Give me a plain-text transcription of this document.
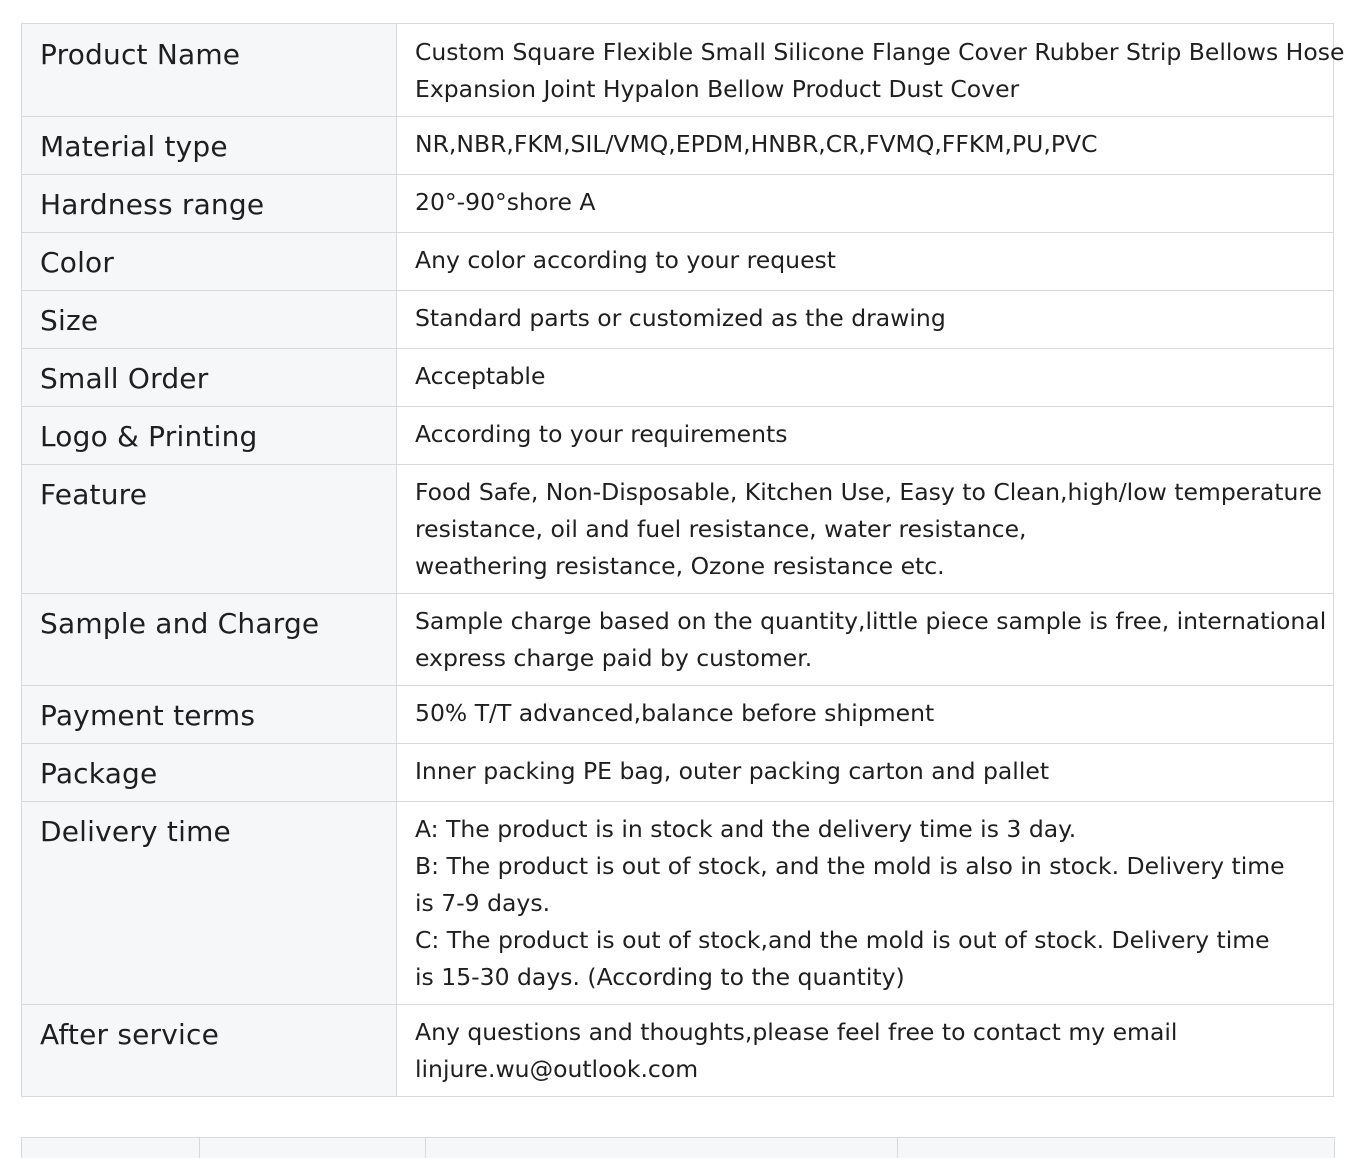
Product Name	Custom Square Flexible Small Silicone Flange Cover Rubber Strip Bellows Hose
Expansion Joint Hypalon Bellow Product Dust Cover

Material type	NR,NBR,FKM,SIL/VMQ,EPDM,HNBR,CR,FVMQ,FFKM,PU,PVC

Hardness range	20°-90°shore A

Color	Any color according to your request

Size	Standard parts or customized as the drawing

Small Order	Acceptable

Logo & Printing	According to your requirements

Feature	Food Safe, Non-Disposable, Kitchen Use, Easy to Clean,high/low temperature
resistance, oil and fuel resistance, water resistance,
weathering resistance, Ozone resistance etc.

Sample and Charge	Sample charge based on the quantity,little piece sample is free, international
express charge paid by customer.

Payment terms	50% T/T advanced,balance before shipment

Package	Inner packing PE bag, outer packing carton and pallet

Delivery time	A: The product is in stock and the delivery time is 3 day.
B: The product is out of stock, and the mold is also in stock. Delivery time
is 7-9 days.
C: The product is out of stock,and the mold is out of stock. Delivery time
is 15-30 days. (According to the quantity)

After service	Any questions and thoughts,please feel free to contact my email
linjure.wu@outlook.com
